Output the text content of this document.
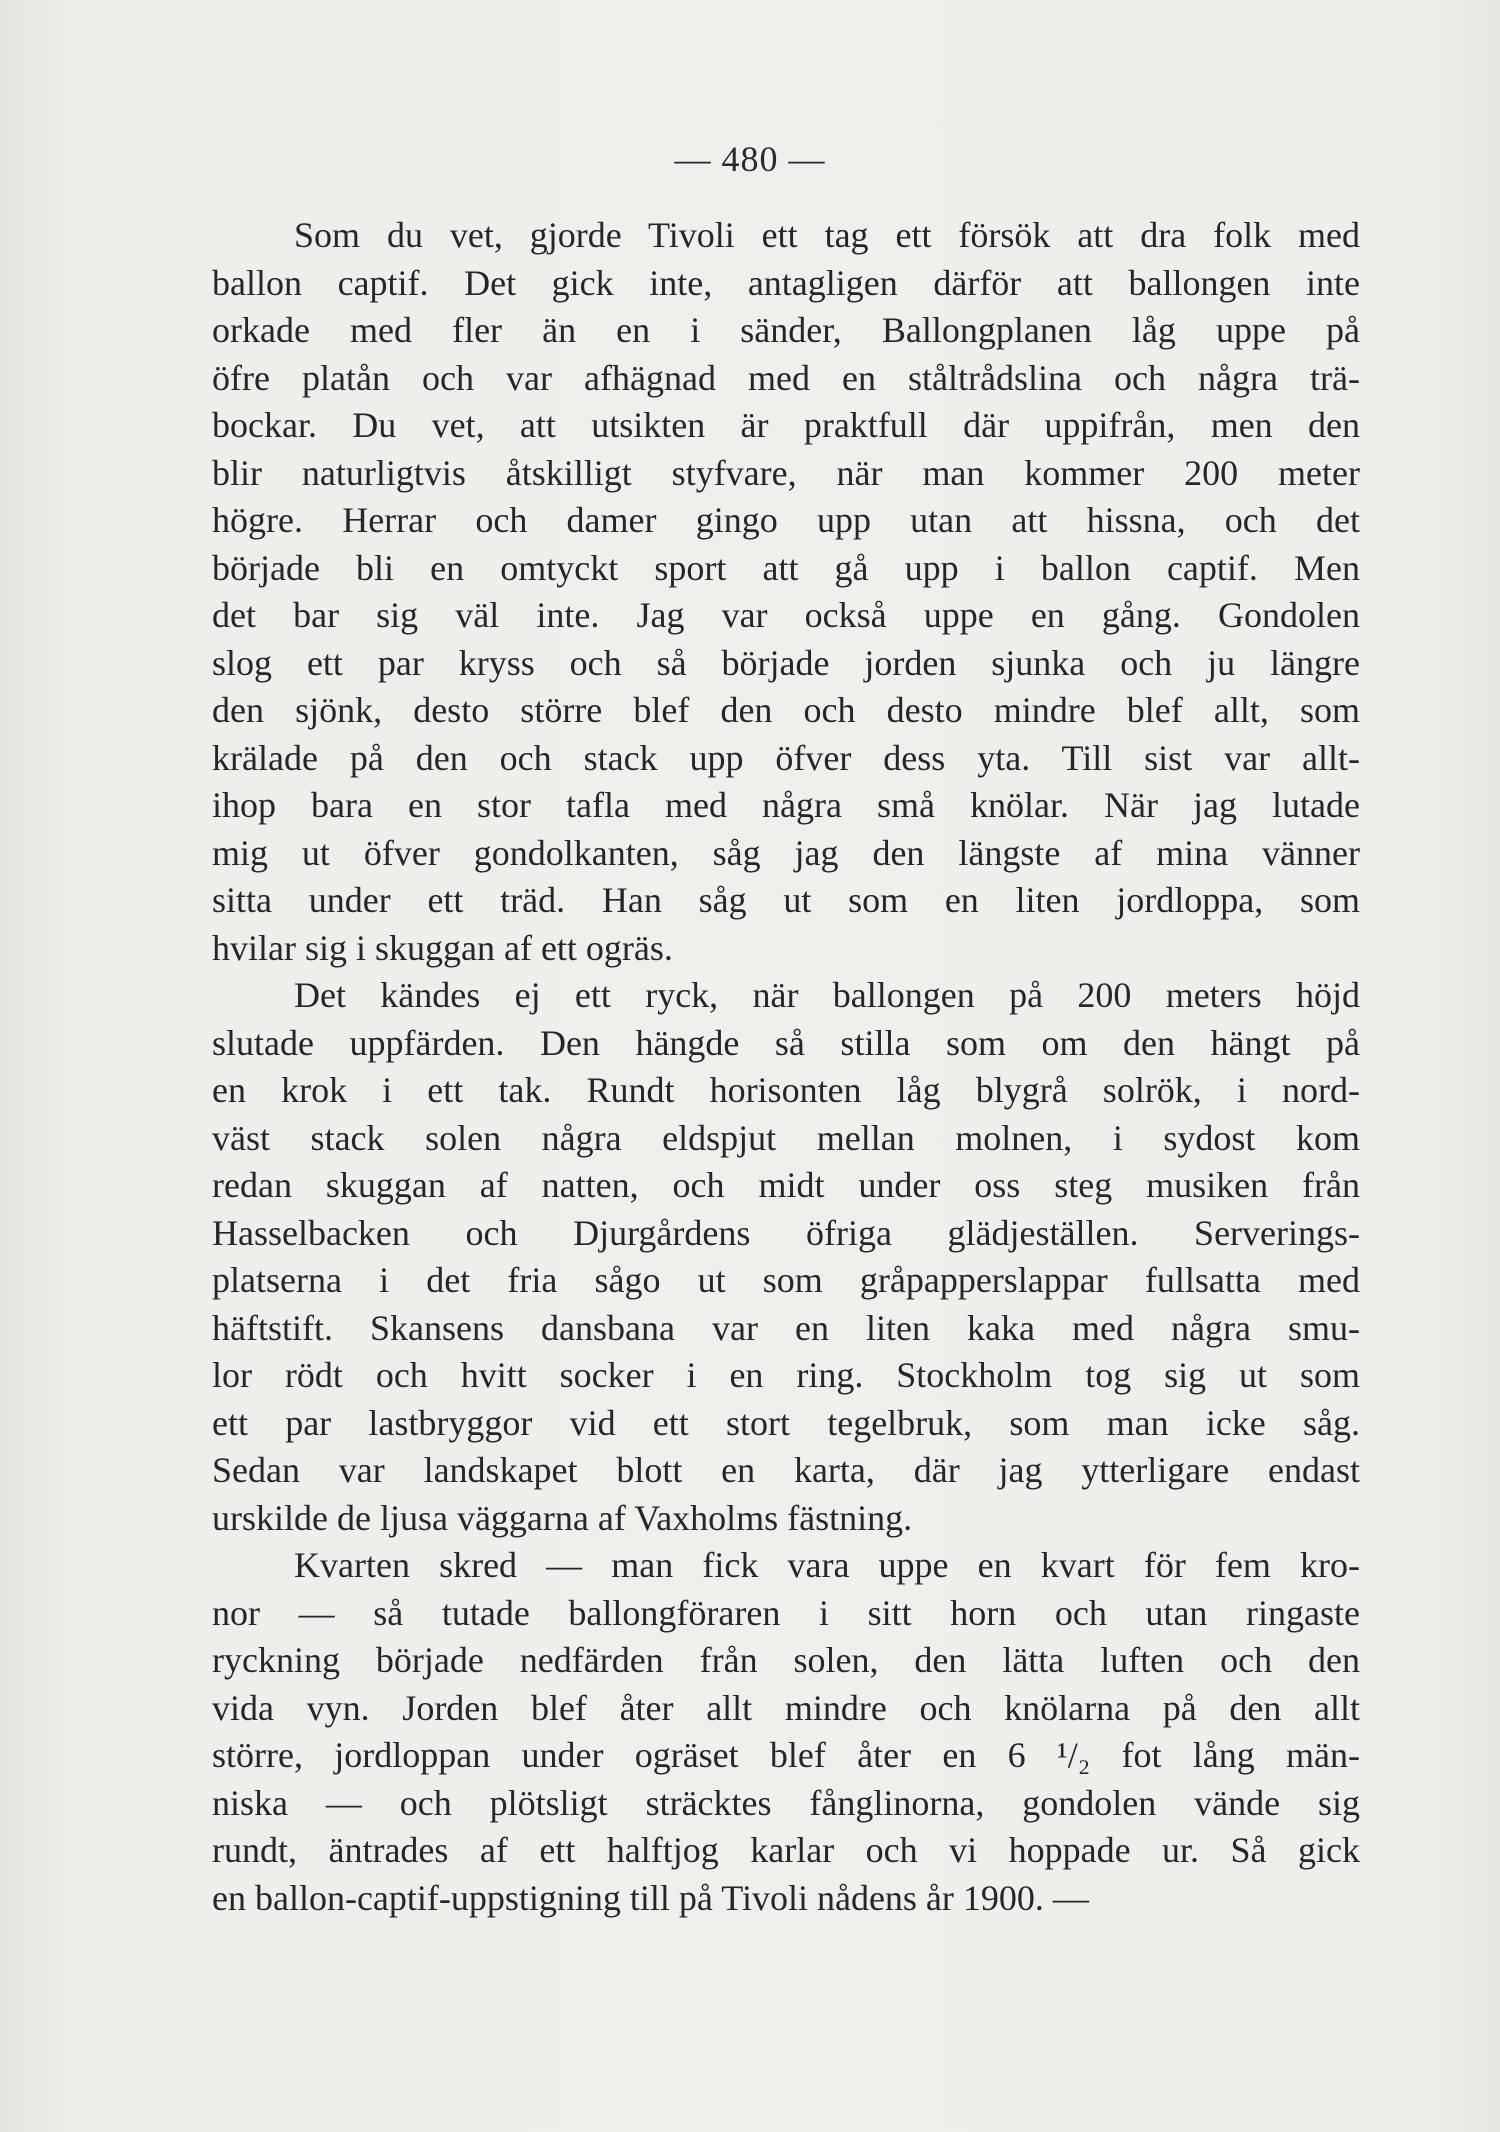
— 480 —
Som du vet, gjorde Tivoli ett tag ett försök att dra folk med
ballon captif. Det gick inte, antagligen därför att ballongen inte
orkade med fler än en i sänder, Ballongplanen låg uppe på
öfre platån och var afhägnad med en ståltrådslina och några trä-
bockar. Du vet, att utsikten är praktfull där uppifrån, men den
blir naturligtvis åtskilligt styfvare, när man kommer 200 meter
högre. Herrar och damer gingo upp utan att hissna, och det
började bli en omtyckt sport att gå upp i ballon captif. Men
det bar sig väl inte. Jag var också uppe en gång. Gondolen
slog ett par kryss och så började jorden sjunka och ju längre
den sjönk, desto större blef den och desto mindre blef allt, som
krälade på den och stack upp öfver dess yta. Till sist var allt-
ihop bara en stor tafla med några små knölar. När jag lutade
mig ut öfver gondolkanten, såg jag den längste af mina vänner
sitta under ett träd. Han såg ut som en liten jordloppa, som
hvilar sig i skuggan af ett ogräs.
Det kändes ej ett ryck, när ballongen på 200 meters höjd
slutade uppfärden. Den hängde så stilla som om den hängt på
en krok i ett tak. Rundt horisonten låg blygrå solrök, i nord-
väst stack solen några eldspjut mellan molnen, i sydost kom
redan skuggan af natten, och midt under oss steg musiken från
Hasselbacken och Djurgårdens öfriga glädjeställen. Serverings-
platserna i det fria sågo ut som gråpapperslappar fullsatta med
häftstift. Skansens dansbana var en liten kaka med några smu-
lor rödt och hvitt socker i en ring. Stockholm tog sig ut som
ett par lastbryggor vid ett stort tegelbruk, som man icke såg.
Sedan var landskapet blott en karta, där jag ytterligare endast
urskilde de ljusa väggarna af Vaxholms fästning.
Kvarten skred — man fick vara uppe en kvart för fem kro-
nor — så tutade ballongföraren i sitt horn och utan ringaste
ryckning började nedfärden från solen, den lätta luften och den
vida vyn. Jorden blef åter allt mindre och knölarna på den allt
större, jordloppan under ogräset blef åter en 6 ¹/₂ fot lång män-
niska — och plötsligt sträcktes fånglinorna, gondolen vände sig
rundt, äntrades af ett halftjog karlar och vi hoppade ur. Så gick
en ballon-captif-uppstigning till på Tivoli nådens år 1900. —
